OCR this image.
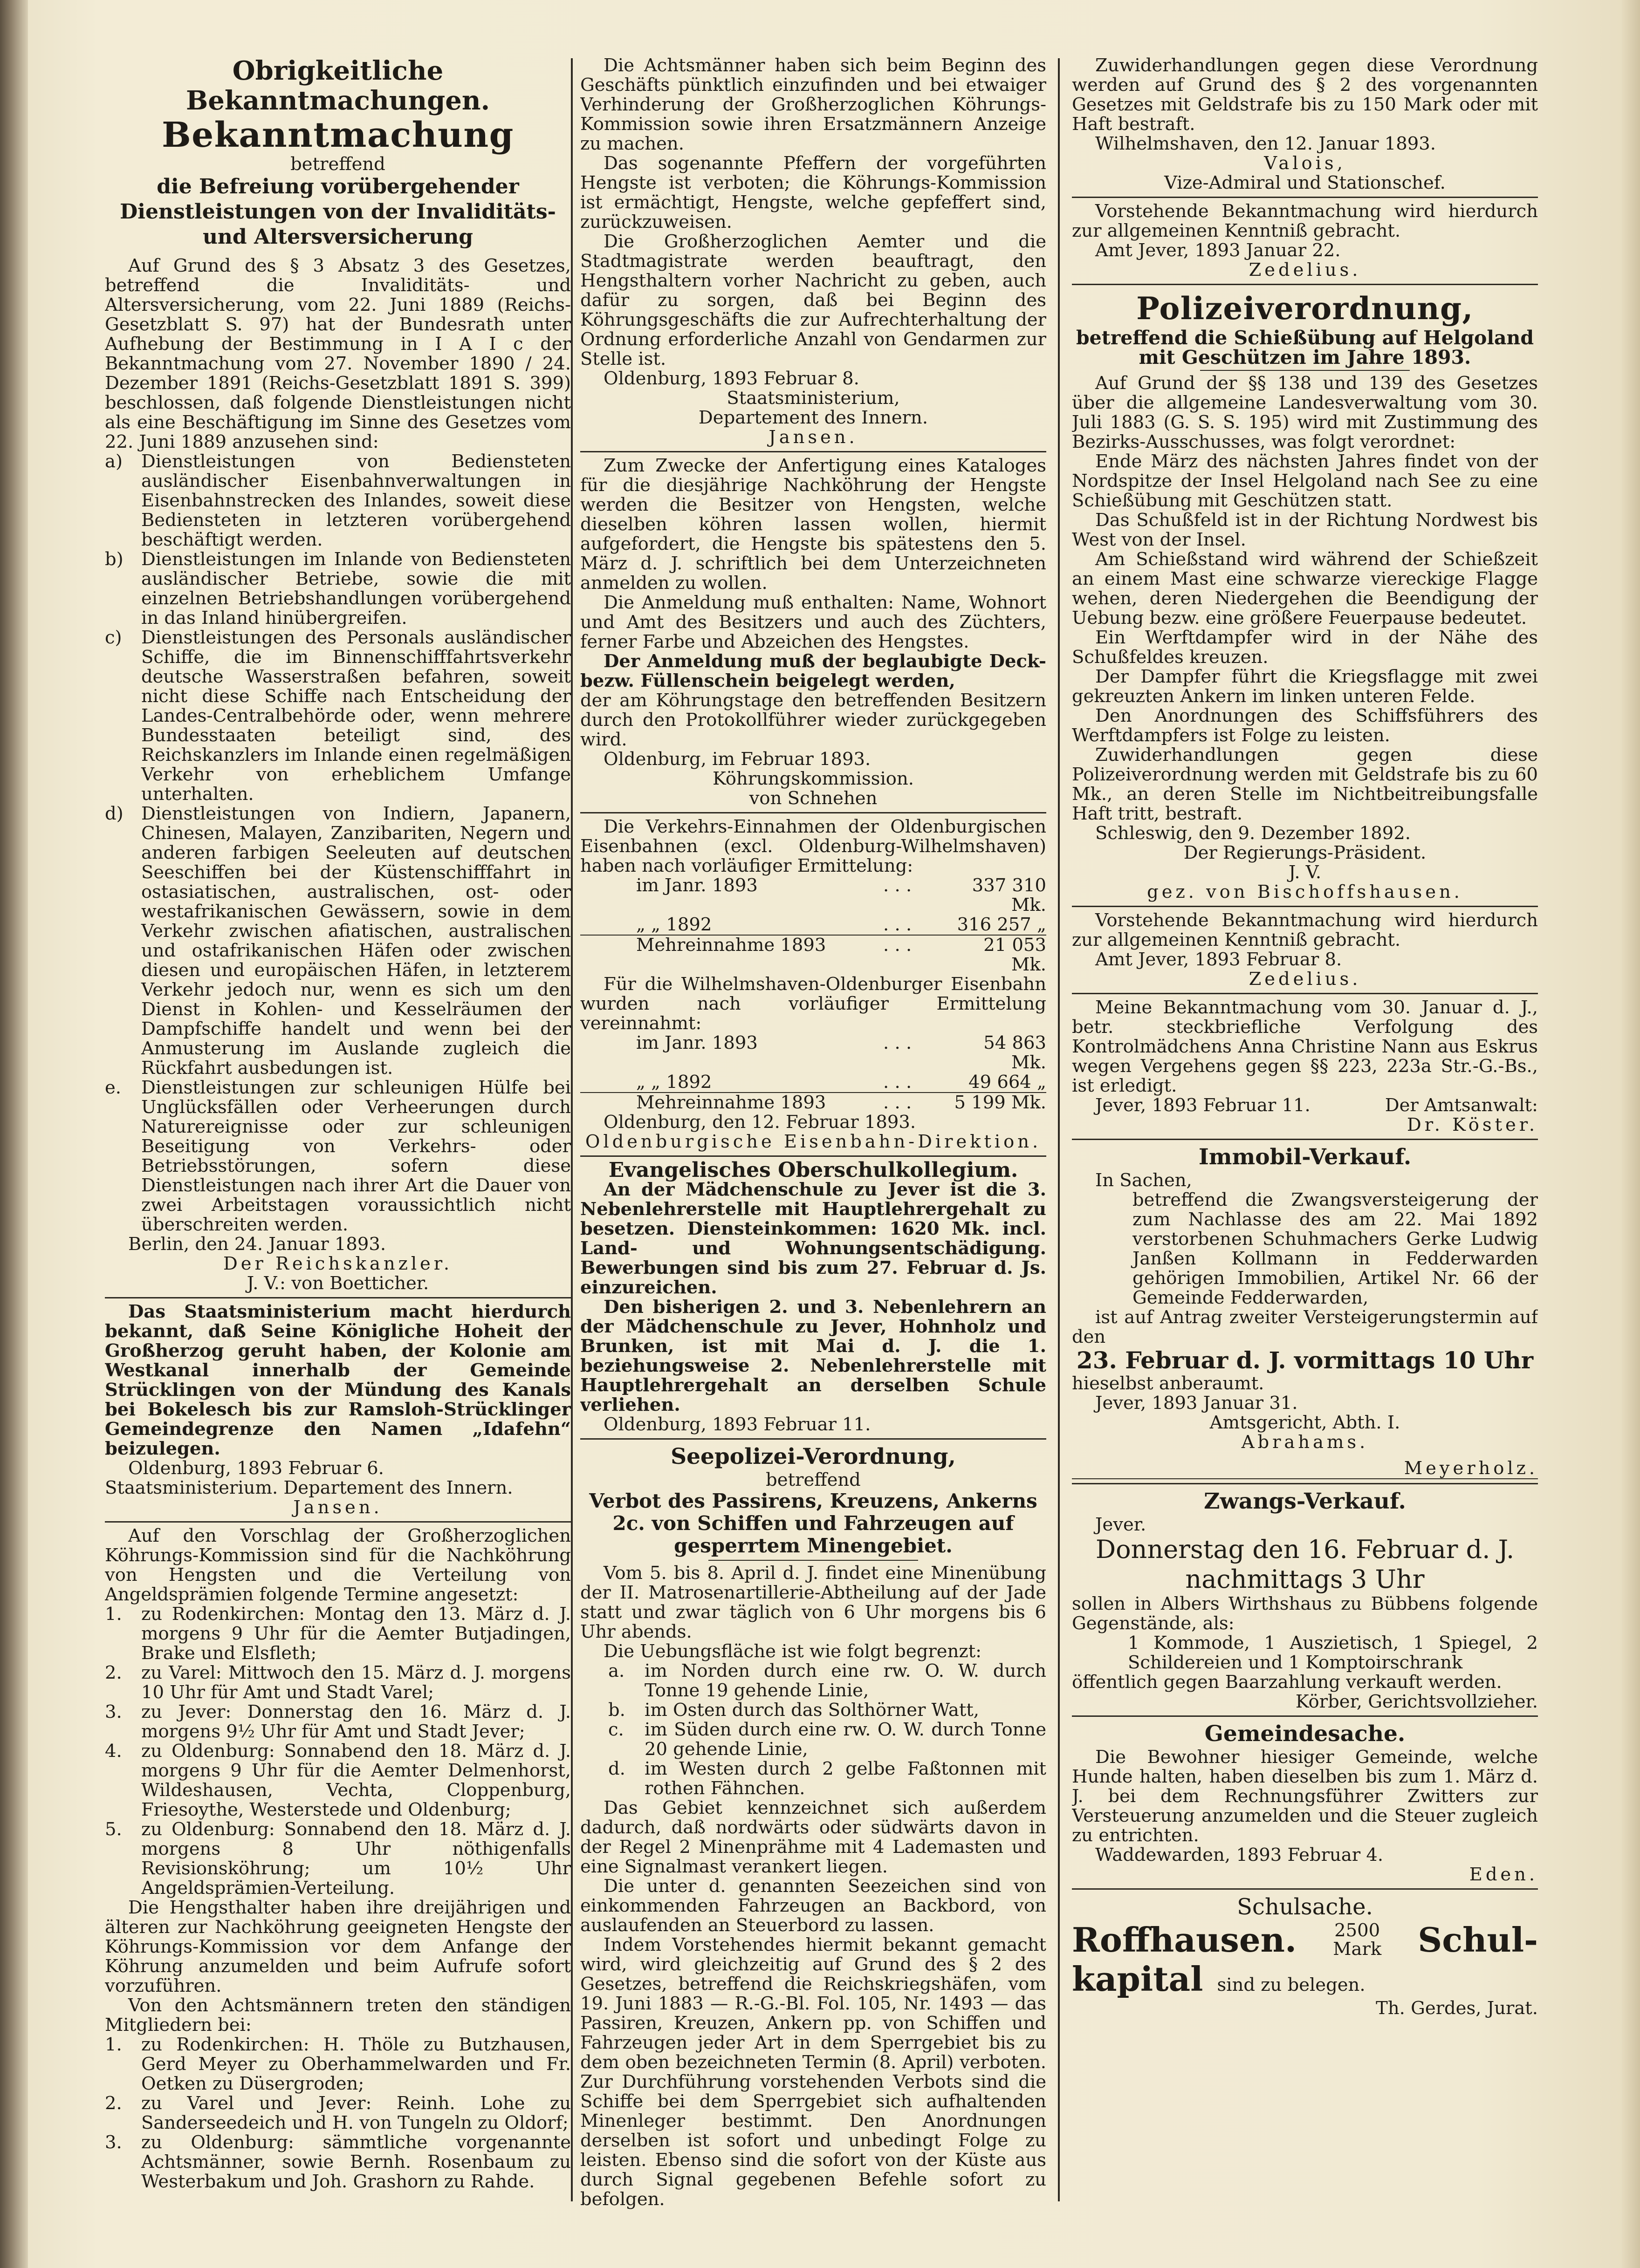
Obrigkeitliche Bekanntmachungen.

Bekanntmachung

betreffend

die Befreiung vorübergehender

Dienstleistungen von der Invaliditäts- und Altersversicherung

Auf Grund des § 3 Absatz 3 des Gesetzes, betreffend die Invaliditäts- und Altersversicherung, vom 22. Juni 1889 (Reichs-Gesetzblatt S. 97) hat der Bundesrath unter Aufhebung der Bestimmung in I A I c der Bekanntmachung vom 27. November 1890 / 24. Dezember 1891 (Reichs-Gesetzblatt 1891 S. 399) beschlossen, daß folgende Dienstleistungen nicht als eine Beschäftigung im Sinne des Gesetzes vom 22. Juni 1889 anzusehen sind:

a)	Dienstleistungen von Bediensteten ausländischer Eisenbahnverwaltungen in Eisenbahnstrecken des Inlandes, soweit diese Bediensteten in letzteren vorübergehend beschäftigt werden.
b) Dienstleistungen im Inlande von Bediensteten ausländischer Betriebe, sowie die mit einzelnen Betriebshandlungen vorübergehend in das Inland hinübergreifen.
c)	Dienstleistungen des Personals ausländischer Schiffe, die im Binnenschifffahrtsverkehr deutsche Wasserstraßen befahren, soweit nicht diese Schiffe nach Entscheidung der Landes-Centralbehörde oder, wenn mehrere Bundesstaaten beteiligt sind, des Reichskanzlers im Inlande einen regelmäßigen Verkehr von erheblichem Umfange unterhalten.
d) Dienstleistungen von Indiern, Japanern, Chinesen, Malayen, Zanzibariten, Negern und anderen farbigen Seeleuten auf deutschen Seeschiffen bei der Küstenschifffahrt in ostasiatischen, australischen, ost- oder westafrikanischen Gewässern, sowie in dem Verkehr zwischen afiatischen, australischen und ostafrikanischen Häfen oder zwischen diesen und europäischen Häfen, in letzterem Verkehr jedoch nur, wenn es sich um den Dienst in Kohlen- und Kesselräumen der Dampfschiffe handelt und wenn bei der Anmusterung im Auslande zugleich die Rückfahrt ausbedungen ist.
e.	Dienstleistungen zur schleunigen Hülfe bei Unglücksfällen oder Verheerungen durch Naturereignisse oder zur schleunigen Beseitigung von Verkehrs- oder Betriebsstörungen, sofern diese Dienstleistungen nach ihrer Art die Dauer von zwei Arbeitstagen voraussichtlich nicht überschreiten werden.

Berlin, den 24. Januar 1893.

Der Reichskanzler.

J. V.: von Boetticher.

Das Staatsministerium macht hierdurch bekannt, daß Seine Königliche Hoheit der Großherzog geruht haben, der Kolonie am Westkanal innerhalb der Gemeinde Strücklingen von der Mündung des Kanals bei Bokelesch bis zur Ramsloh-Strücklinger Gemeindegrenze den Namen „Idafehn“ beizulegen.

Oldenburg, 1893 Februar 6.

Staatsministerium. Departement des Innern.

Jansen.

Auf den Vorschlag der Großherzoglichen Köhrungs-Kommission sind für die Nachköhrung von Hengsten und die Verteilung von Angeldsprämien folgende Termine angesetzt:

1.	zu Rodenkirchen: Montag den 13. März d. J. morgens 9 Uhr für die Aemter Butjadingen, Brake und Elsfleth;
2.	zu Varel: Mittwoch den 15. März d. J. morgens 10 Uhr für Amt und Stadt Varel;
3.	zu Jever: Donnerstag den 16. März d. J. morgens 9½ Uhr für Amt und Stadt Jever;
4.	zu Oldenburg: Sonnabend den 18. März d. J. morgens 9 Uhr für die Aemter Delmenhorst, Wildeshausen, Vechta, Cloppenburg, Friesoythe, Westerstede und Oldenburg;
5.	zu Oldenburg: Sonnabend den 18. März d. J. morgens 8 Uhr nöthigenfalls Revisionsköhrung; um 10½ Uhr Angeldsprämien-Verteilung.

Die Hengsthalter haben ihre dreijährigen und älteren zur Nachköhrung geeigneten Hengste der Köhrungs-Kommission vor dem Anfange der Köhrung anzumelden und beim Aufrufe sofort vorzuführen.

Von den Achtsmännern treten den ständigen Mitgliedern bei:

1.	zu Rodenkirchen: H. Thöle zu Butzhausen, Gerd Meyer zu Oberhammelwarden und Fr. Oetken zu Düsergroden;
2.	zu Varel und Jever: Reinh. Lohe zu Sanderseedeich und H. von Tungeln zu Oldorf;
3.	zu Oldenburg: sämmtliche vorgenannte Achtsmänner, sowie Bernh. Rosenbaum zu Westerbakum und Joh. Grashorn zu Rahde.

Die Achtsmänner haben sich beim Beginn des Geschäfts pünktlich einzufinden und bei etwaiger Verhinderung der Großherzoglichen Köhrungs-Kommission sowie ihren Ersatzmännern Anzeige zu machen.

Das sogenannte Pfeffern der vorgeführten Hengste ist verboten; die Köhrungs-Kommission ist ermächtigt, Hengste, welche gepfeffert sind, zurückzuweisen.

Die Großherzoglichen Aemter und die Stadtmagistrate werden beauftragt, den Hengsthaltern vorher Nachricht zu geben, auch dafür zu sorgen, daß bei Beginn des Köhrungsgeschäfts die zur Aufrechterhaltung der Ordnung erforderliche Anzahl von Gendarmen zur Stelle ist.

Oldenburg, 1893 Februar 8.

Staatsministerium,

Departement des Innern.

Jansen.

Zum Zwecke der Anfertigung eines Kataloges für die diesjährige Nachköhrung der Hengste werden die Besitzer von Hengsten, welche dieselben köhren lassen wollen, hiermit aufgefordert, die Hengste bis spätestens den 5. März d. J. schriftlich bei dem Unterzeichneten anmelden zu wollen.

Die Anmeldung muß enthalten: Name, Wohnort und Amt des Besitzers und auch des Züchters, ferner Farbe und Abzeichen des Hengstes.

Der Anmeldung muß der beglaubigte Deck- bezw. Füllenschein beigelegt werden,

der am Köhrungstage den betreffenden Besitzern durch den Protokollführer wieder zurückgegeben wird.

Oldenburg, im Februar 1893.

Köhrungskommission.

von Schnehen

Die Verkehrs-Einnahmen der Oldenburgischen Eisenbahnen (excl. Oldenburg-Wilhelmshaven) haben nach vorläufiger Ermittelung:

im Janr. 1893	. . .	337 310 Mk.
„ „ 1892	. . .	316 257 „
Mehreinnahme 1893	. . .	21 053 Mk.

Für die Wilhelmshaven-Oldenburger Eisenbahn wurden nach vorläufiger Ermittelung vereinnahmt:

im Janr. 1893	. . .	54 863 Mk.
„ „ 1892	. . .	49 664 „
Mehreinnahme 1893	. . .	5 199 Mk.

Oldenburg, den 12. Februar 1893.

Oldenburgische Eisenbahn-Direktion.

Evangelisches Oberschulkollegium.

An der Mädchenschule zu Jever ist die 3. Nebenlehrerstelle mit Hauptlehrergehalt zu besetzen. Diensteinkommen: 1620 Mk. incl. Land- und Wohnungsentschädigung. Bewerbungen sind bis zum 27. Februar d. Js. einzureichen.

Den bisherigen 2. und 3. Nebenlehrern an der Mädchenschule zu Jever, Hohnholz und Brunken, ist mit Mai d. J. die 1. beziehungsweise 2. Nebenlehrerstelle mit Hauptlehrergehalt an derselben Schule verliehen.

Oldenburg, 1893 Februar 11.

Seepolizei-Verordnung,

betreffend

Verbot des Passirens, Kreuzens, Ankerns 2c. von Schiffen und Fahrzeugen auf gesperrtem Minengebiet.

Vom 5. bis 8. April d. J. findet eine Minenübung der II. Matrosenartillerie-Abtheilung auf der Jade statt und zwar täglich von 6 Uhr morgens bis 6 Uhr abends.

Die Uebungsfläche ist wie folgt begrenzt:

a.	im Norden durch eine rw. O. W. durch Tonne 19 gehende Linie,
b.	im Osten durch das Solthörner Watt,
c.	im Süden durch eine rw. O. W. durch Tonne 20 gehende Linie,
d.	im Westen durch 2 gelbe Faßtonnen mit rothen Fähnchen.

Das Gebiet kennzeichnet sich außerdem dadurch, daß nordwärts oder südwärts davon in der Regel 2 Minenprähme mit 4 Lademasten und eine Signalmast verankert liegen.

Die unter d. genannten Seezeichen sind von einkommenden Fahrzeugen an Backbord, von auslaufenden an Steuerbord zu lassen.

Indem Vorstehendes hiermit bekannt gemacht wird, wird gleichzeitig auf Grund des § 2 des Gesetzes, betreffend die Reichskriegshäfen, vom 19. Juni 1883 — R.-G.-Bl. Fol. 105, Nr. 1493 — das Passiren, Kreuzen, Ankern pp. von Schiffen und Fahrzeugen jeder Art in dem Sperrgebiet bis zu dem oben bezeichneten Termin (8. April) verboten. Zur Durchführung vorstehenden Verbots sind die Schiffe bei dem Sperrgebiet sich aufhaltenden Minenleger bestimmt. Den Anordnungen derselben ist sofort und unbedingt Folge zu leisten. Ebenso sind die sofort von der Küste aus durch Signal gegebenen Befehle sofort zu befolgen.

Zuwiderhandlungen gegen diese Verordnung werden auf Grund des § 2 des vorgenannten Gesetzes mit Geldstrafe bis zu 150 Mark oder mit Haft bestraft.

Wilhelmshaven, den 12. Januar 1893.

Valois,

Vize-Admiral und Stationschef.

Vorstehende Bekanntmachung wird hierdurch zur allgemeinen Kenntniß gebracht.

Amt Jever, 1893 Januar 22.

Zedelius.

Polizeiverordnung,

betreffend die Schießübung auf Helgoland mit Geschützen im Jahre 1893.

Auf Grund der §§ 138 und 139 des Gesetzes über die allgemeine Landesverwaltung vom 30. Juli 1883 (G. S. S. 195) wird mit Zustimmung des Bezirks-Ausschusses, was folgt verordnet:

Ende März des nächsten Jahres findet von der Nordspitze der Insel Helgoland nach See zu eine Schießübung mit Geschützen statt.

Das Schußfeld ist in der Richtung Nordwest bis West von der Insel.

Am Schießstand wird während der Schießzeit an einem Mast eine schwarze viereckige Flagge wehen, deren Niedergehen die Beendigung der Uebung bezw. eine größere Feuerpause bedeutet.

Ein Werftdampfer wird in der Nähe des Schußfeldes kreuzen.

Der Dampfer führt die Kriegsflagge mit zwei gekreuzten Ankern im linken unteren Felde.

Den Anordnungen des Schiffsführers des Werftdampfers ist Folge zu leisten.

Zuwiderhandlungen gegen diese Polizeiverordnung werden mit Geldstrafe bis zu 60 Mk., an deren Stelle im Nichtbeitreibungsfalle Haft tritt, bestraft.

Schleswig, den 9. Dezember 1892.

Der Regierungs-Präsident.

J. V.

gez. von Bischoffshausen.

Vorstehende Bekanntmachung wird hierdurch zur allgemeinen Kenntniß gebracht.

Amt Jever, 1893 Februar 8.

Zedelius.

Meine Bekanntmachung vom 30. Januar d. J., betr. steckbriefliche Verfolgung des Kontrolmädchens Anna Christine Nann aus Eskrus wegen Vergehens gegen §§ 223, 223a Str.-G.-Bs., ist erledigt.

Jever, 1893 Februar 11.	Der Amtsanwalt:

Dr. Köster.

Immobil-Verkauf.

In Sachen,

betreffend die Zwangsversteigerung der zum Nachlasse des am 22. Mai 1892 verstorbenen Schuhmachers Gerke Ludwig Janßen Kollmann in Fedderwarden gehörigen Immobilien, Artikel Nr. 66 der Gemeinde Fedderwarden,

ist auf Antrag zweiter Versteigerungstermin auf den

23. Februar d. J. vormittags 10 Uhr

hieselbst anberaumt.

Jever, 1893 Januar 31.

Amtsgericht, Abth. I.

Abrahams.

Meyerholz.

Zwangs-Verkauf.

Jever.

Donnerstag den 16. Februar d. J.

nachmittags 3 Uhr

sollen in Albers Wirthshaus zu Bübbens folgende Gegenstände, als:

1 Kommode, 1 Auszietisch, 1 Spiegel, 2 Schildereien und 1 Komptoirschrank

öffentlich gegen Baarzahlung verkauft werden.

Körber, Gerichtsvollzieher.

Gemeindesache.

Die Bewohner hiesiger Gemeinde, welche Hunde halten, haben dieselben bis zum 1. März d. J. bei dem Rechnungsführer Zwitters zur Versteuerung anzumelden und die Steuer zugleich zu entrichten.

Waddewarden, 1893 Februar 4.

Eden.

Schulsache.

Roffhausen. 2500
Mark Schul-
kapital sind zu belegen.

Th. Gerdes, Jurat.
